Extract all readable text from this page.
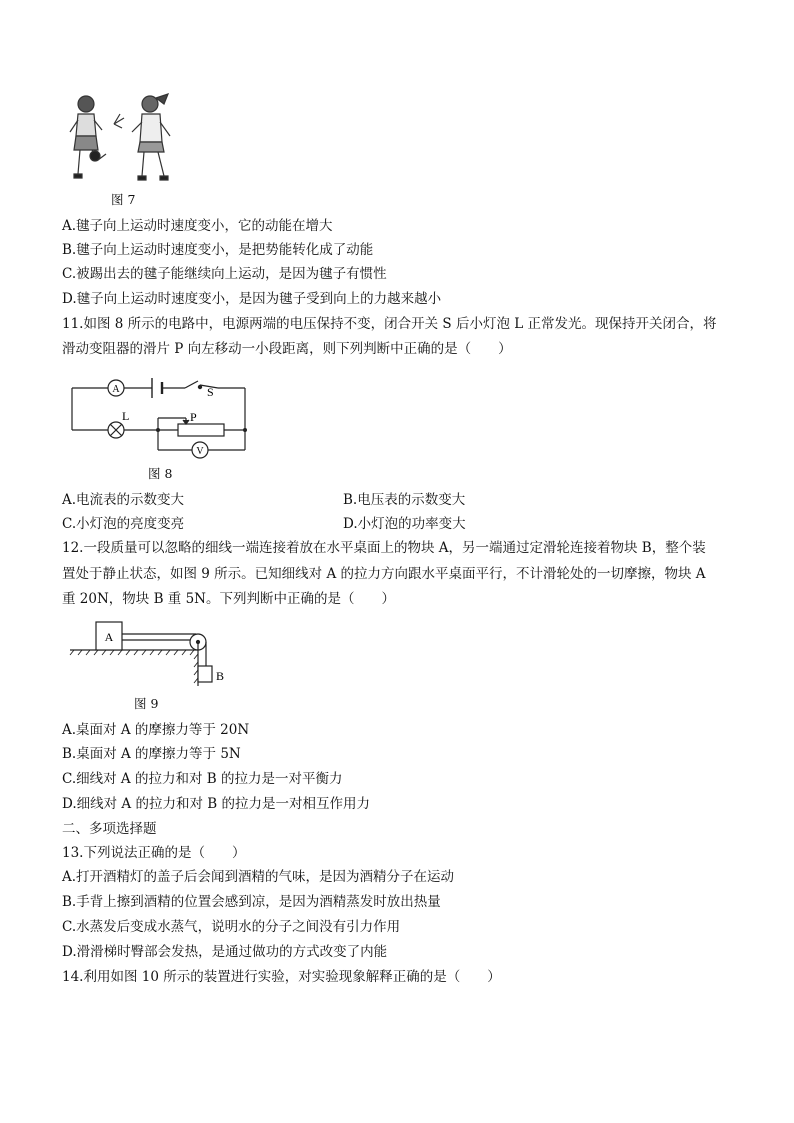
图 7
A.毽子向上运动时速度变小，它的动能在增大
B.毽子向上运动时速度变小，是把势能转化成了动能
C.被踢出去的毽子能继续向上运动，是因为毽子有惯性
D.毽子向上运动时速度变小，是因为毽子受到向上的力越来越小
11.如图 8 所示的电路中，电源两端的电压保持不变，闭合开关 S 后小灯泡 L 正常发光。现保持开关闭合，将
滑动变阻器的滑片 P 向左移动一小段距离，则下列判断中正确的是（　　）
A	S
L	P
V
图 8
A.电流表的示数变大	B.电压表的示数变大
C.小灯泡的亮度变亮	D.小灯泡的功率变大
12.一段质量可以忽略的细线一端连接着放在水平桌面上的物块 A，另一端通过定滑轮连接着物块 B，整个装
置处于静止状态，如图 9 所示。已知细线对 A 的拉力方向跟水平桌面平行，不计滑轮处的一切摩擦，物块 A
重 20N，物块 B 重 5N。下列判断中正确的是（　　）
A
B
图 9
A.桌面对 A 的摩擦力等于 20N
B.桌面对 A 的摩擦力等于 5N
C.细线对 A 的拉力和对 B 的拉力是一对平衡力
D.细线对 A 的拉力和对 B 的拉力是一对相互作用力
二、多项选择题
13.下列说法正确的是（　　）
A.打开酒精灯的盖子后会闻到酒精的气味，是因为酒精分子在运动
B.手背上擦到酒精的位置会感到凉，是因为酒精蒸发时放出热量
C.水蒸发后变成水蒸气，说明水的分子之间没有引力作用
D.滑滑梯时臀部会发热，是通过做功的方式改变了内能
14.利用如图 10 所示的装置进行实验，对实验现象解释正确的是（　　）
